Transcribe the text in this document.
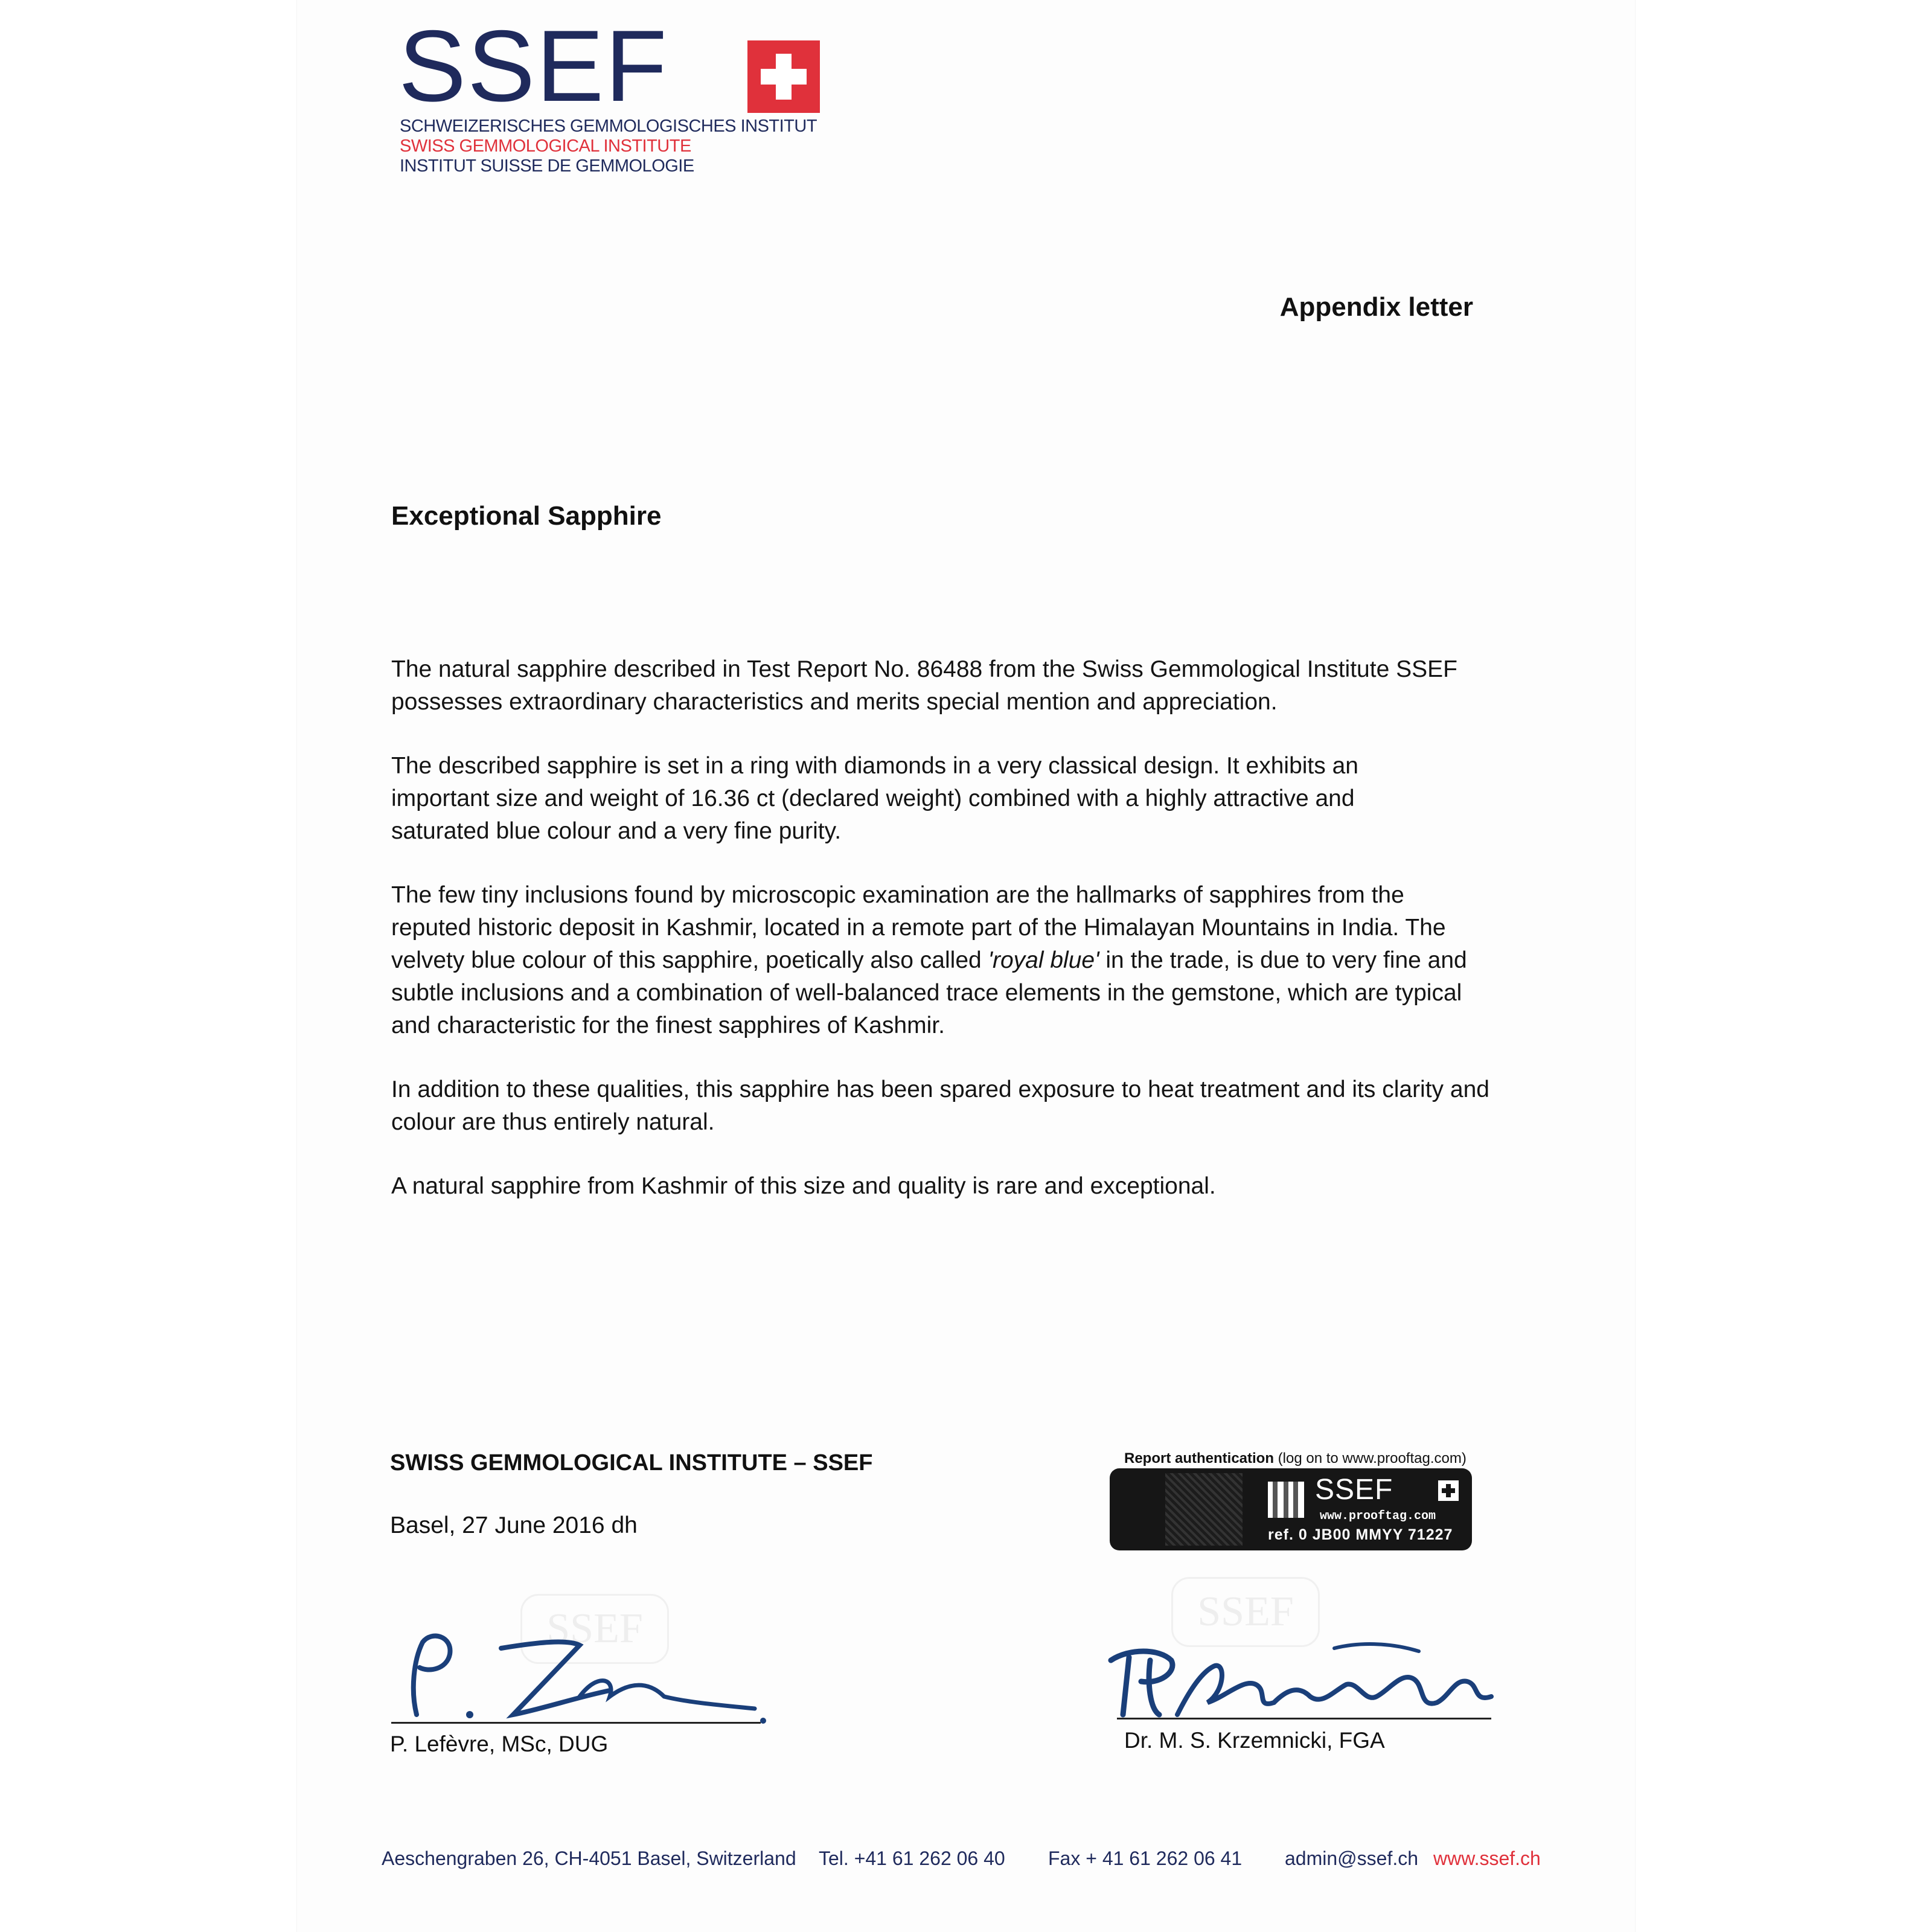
SSEF
SCHWEIZERISCHES GEMMOLOGISCHES INSTITUT
SWISS GEMMOLOGICAL INSTITUTE
INSTITUT SUISSE DE GEMMOLOGIE
Appendix letter
Exceptional Sapphire

The natural sapphire described in Test Report No. 86488 from the Swiss Gemmological Institute SSEF
possesses extraordinary characteristics and merits special mention and appreciation.

The described sapphire is set in a ring with diamonds in a very classical design. It exhibits an
important size and weight of 16.36 ct (declared weight) combined with a highly attractive and
saturated blue colour and a very fine purity.

The few tiny inclusions found by microscopic examination are the hallmarks of sapphires from the
reputed historic deposit in Kashmir, located in a remote part of the Himalayan Mountains in India. The
velvety blue colour of this sapphire, poetically also called 'royal blue' in the trade, is due to very fine and
subtle inclusions and a combination of well-balanced trace elements in the gemstone, which are typical
and characteristic for the finest sapphires of Kashmir.

In addition to these qualities, this sapphire has been spared exposure to heat treatment and its clarity and
colour are thus entirely natural.

A natural sapphire from Kashmir of this size and quality is rare and exceptional.

SWISS GEMMOLOGICAL INSTITUTE – SSEF
Basel, 27 June 2016 dh
Report authentication (log on to www.prooftag.com)
SSEF
www.prooftag.com
ref. 0 JB00 MMYY 71227
SSEF	SSEF
P. Lefèvre, MSc, DUG	Dr. M. S. Krzemnicki, FGA
Aeschengraben 26, CH-4051 Basel, Switzerland Tel. +41 61 262 06 40 Fax + 41 61 262 06 41 admin@ssef.ch www.ssef.ch
